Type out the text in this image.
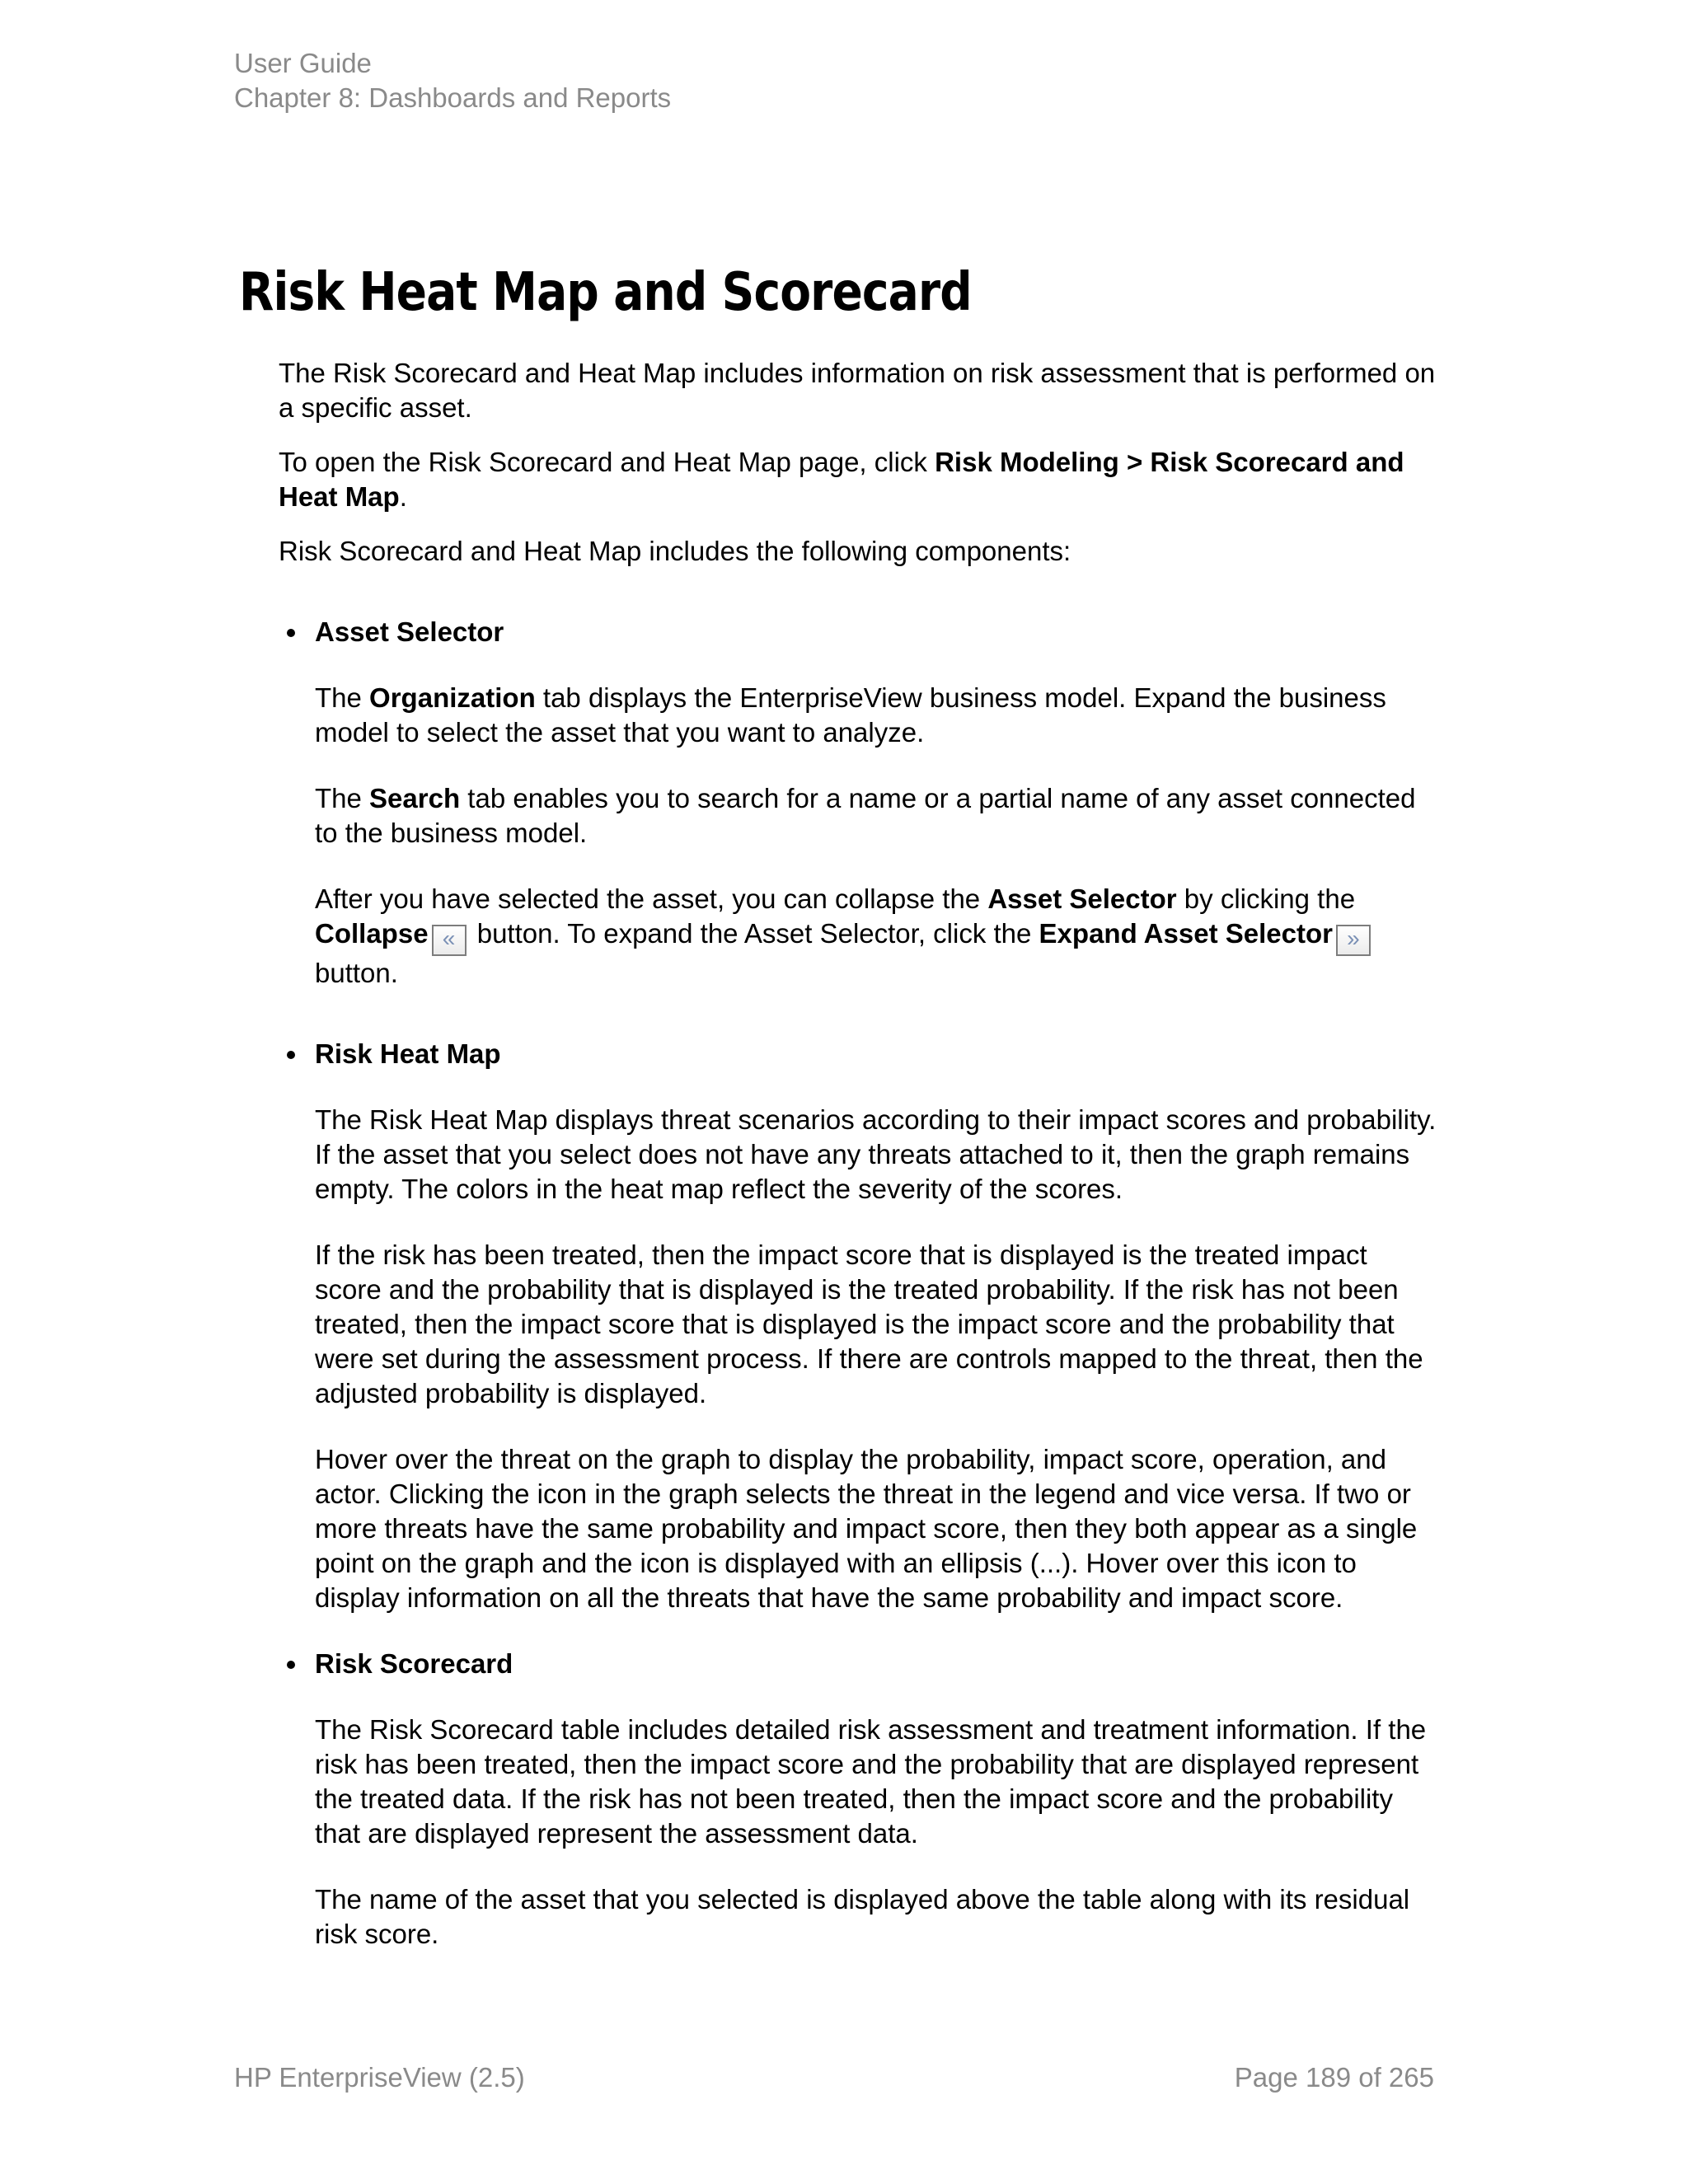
User Guide
Chapter 8: Dashboards and Reports
Risk Heat Map and Scorecard

The Risk Scorecard and Heat Map includes information on risk assessment that is performed on a specific asset.

To open the Risk Scorecard and Heat Map page, click Risk Modeling > Risk Scorecard and Heat Map.

Risk Scorecard and Heat Map includes the following components:

Asset Selector

The Organization tab displays the EnterpriseView business model. Expand the business model to select the asset that you want to analyze.

The Search tab enables you to search for a name or a partial name of any asset connected to the business model.

After you have selected the asset, you can collapse the Asset Selector by clicking the
Collapse « button. To expand the Asset Selector, click the Expand Asset Selector »
button.

Risk Heat Map

The Risk Heat Map displays threat scenarios according to their impact scores and probability. If the asset that you select does not have any threats attached to it, then the graph remains empty. The colors in the heat map reflect the severity of the scores.

If the risk has been treated, then the impact score that is displayed is the treated impact score and the probability that is displayed is the treated probability. If the risk has not been treated, then the impact score that is displayed is the impact score and the probability that were set during the assessment process. If there are controls mapped to the threat, then the adjusted probability is displayed.

Hover over the threat on the graph to display the probability, impact score, operation, and actor. Clicking the icon in the graph selects the threat in the legend and vice versa. If two or more threats have the same probability and impact score, then they both appear as a single point on the graph and the icon is displayed with an ellipsis (...). Hover over this icon to display information on all the threats that have the same probability and impact score.

Risk Scorecard

The Risk Scorecard table includes detailed risk assessment and treatment information. If the risk has been treated, then the impact score and the probability that are displayed represent the treated data. If the risk has not been treated, then the impact score and the probability that are displayed represent the assessment data.

The name of the asset that you selected is displayed above the table along with its residual risk score.

HP EnterpriseView (2.5)	Page 189 of 265
